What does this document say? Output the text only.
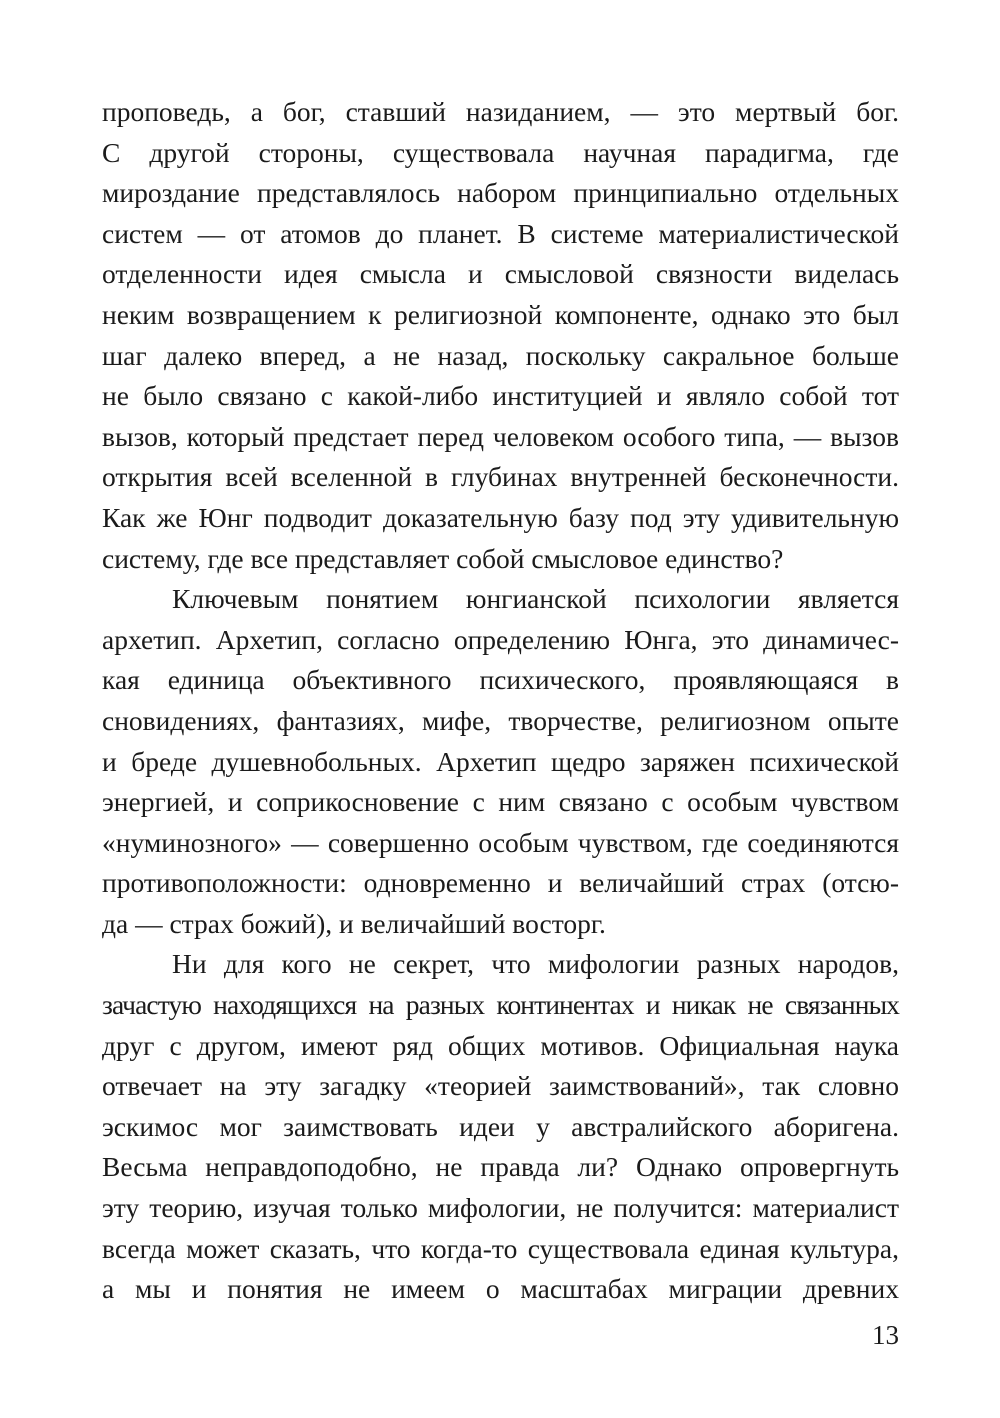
проповедь, а бог, ставший назиданием, — это мертвый бог.
С другой стороны, существовала научная парадигма, где
мироздание представлялось набором принципиально отдельных
систем — от атомов до планет. В системе материалистической
отделенности идея смысла и смысловой связности виделась
неким возвращением к религиозной компоненте, однако это был
шаг далеко вперед, а не назад, поскольку сакральное больше
не было связано с какой-либо институцией и являло собой тот
вызов, который предстает перед человеком особого типа, — вызов
открытия всей вселенной в глубинах внутренней бесконечности.
Как же Юнг подводит доказательную базу под эту удивительную
систему, где все представляет собой смысловое единство?
Ключевым понятием юнгианской психологии является
архетип. Архетип, согласно определению Юнга, это динамичес-
кая единица объективного психического, проявляющаяся в
сновидениях, фантазиях, мифе, творчестве, религиозном опыте
и бреде душевнобольных. Архетип щедро заряжен психической
энергией, и соприкосновение с ним связано с особым чувством
«нуминозного» — совершенно особым чувством, где соединяются
противоположности: одновременно и величайший страх (отсю-
да — страх божий), и величайший восторг.
Ни для кого не секрет, что мифологии разных народов,
зачастую находящихся на разных континентах и никак не связанных
друг с другом, имеют ряд общих мотивов. Официальная наука
отвечает на эту загадку «теорией заимствований», так словно
эскимос мог заимствовать идеи у австралийского аборигена.
Весьма неправдоподобно, не правда ли? Однако опровергнуть
эту теорию, изучая только мифологии, не получится: материалист
всегда может сказать, что когда-то существовала единая культура,
а мы и понятия не имеем о масштабах миграции древних
13
